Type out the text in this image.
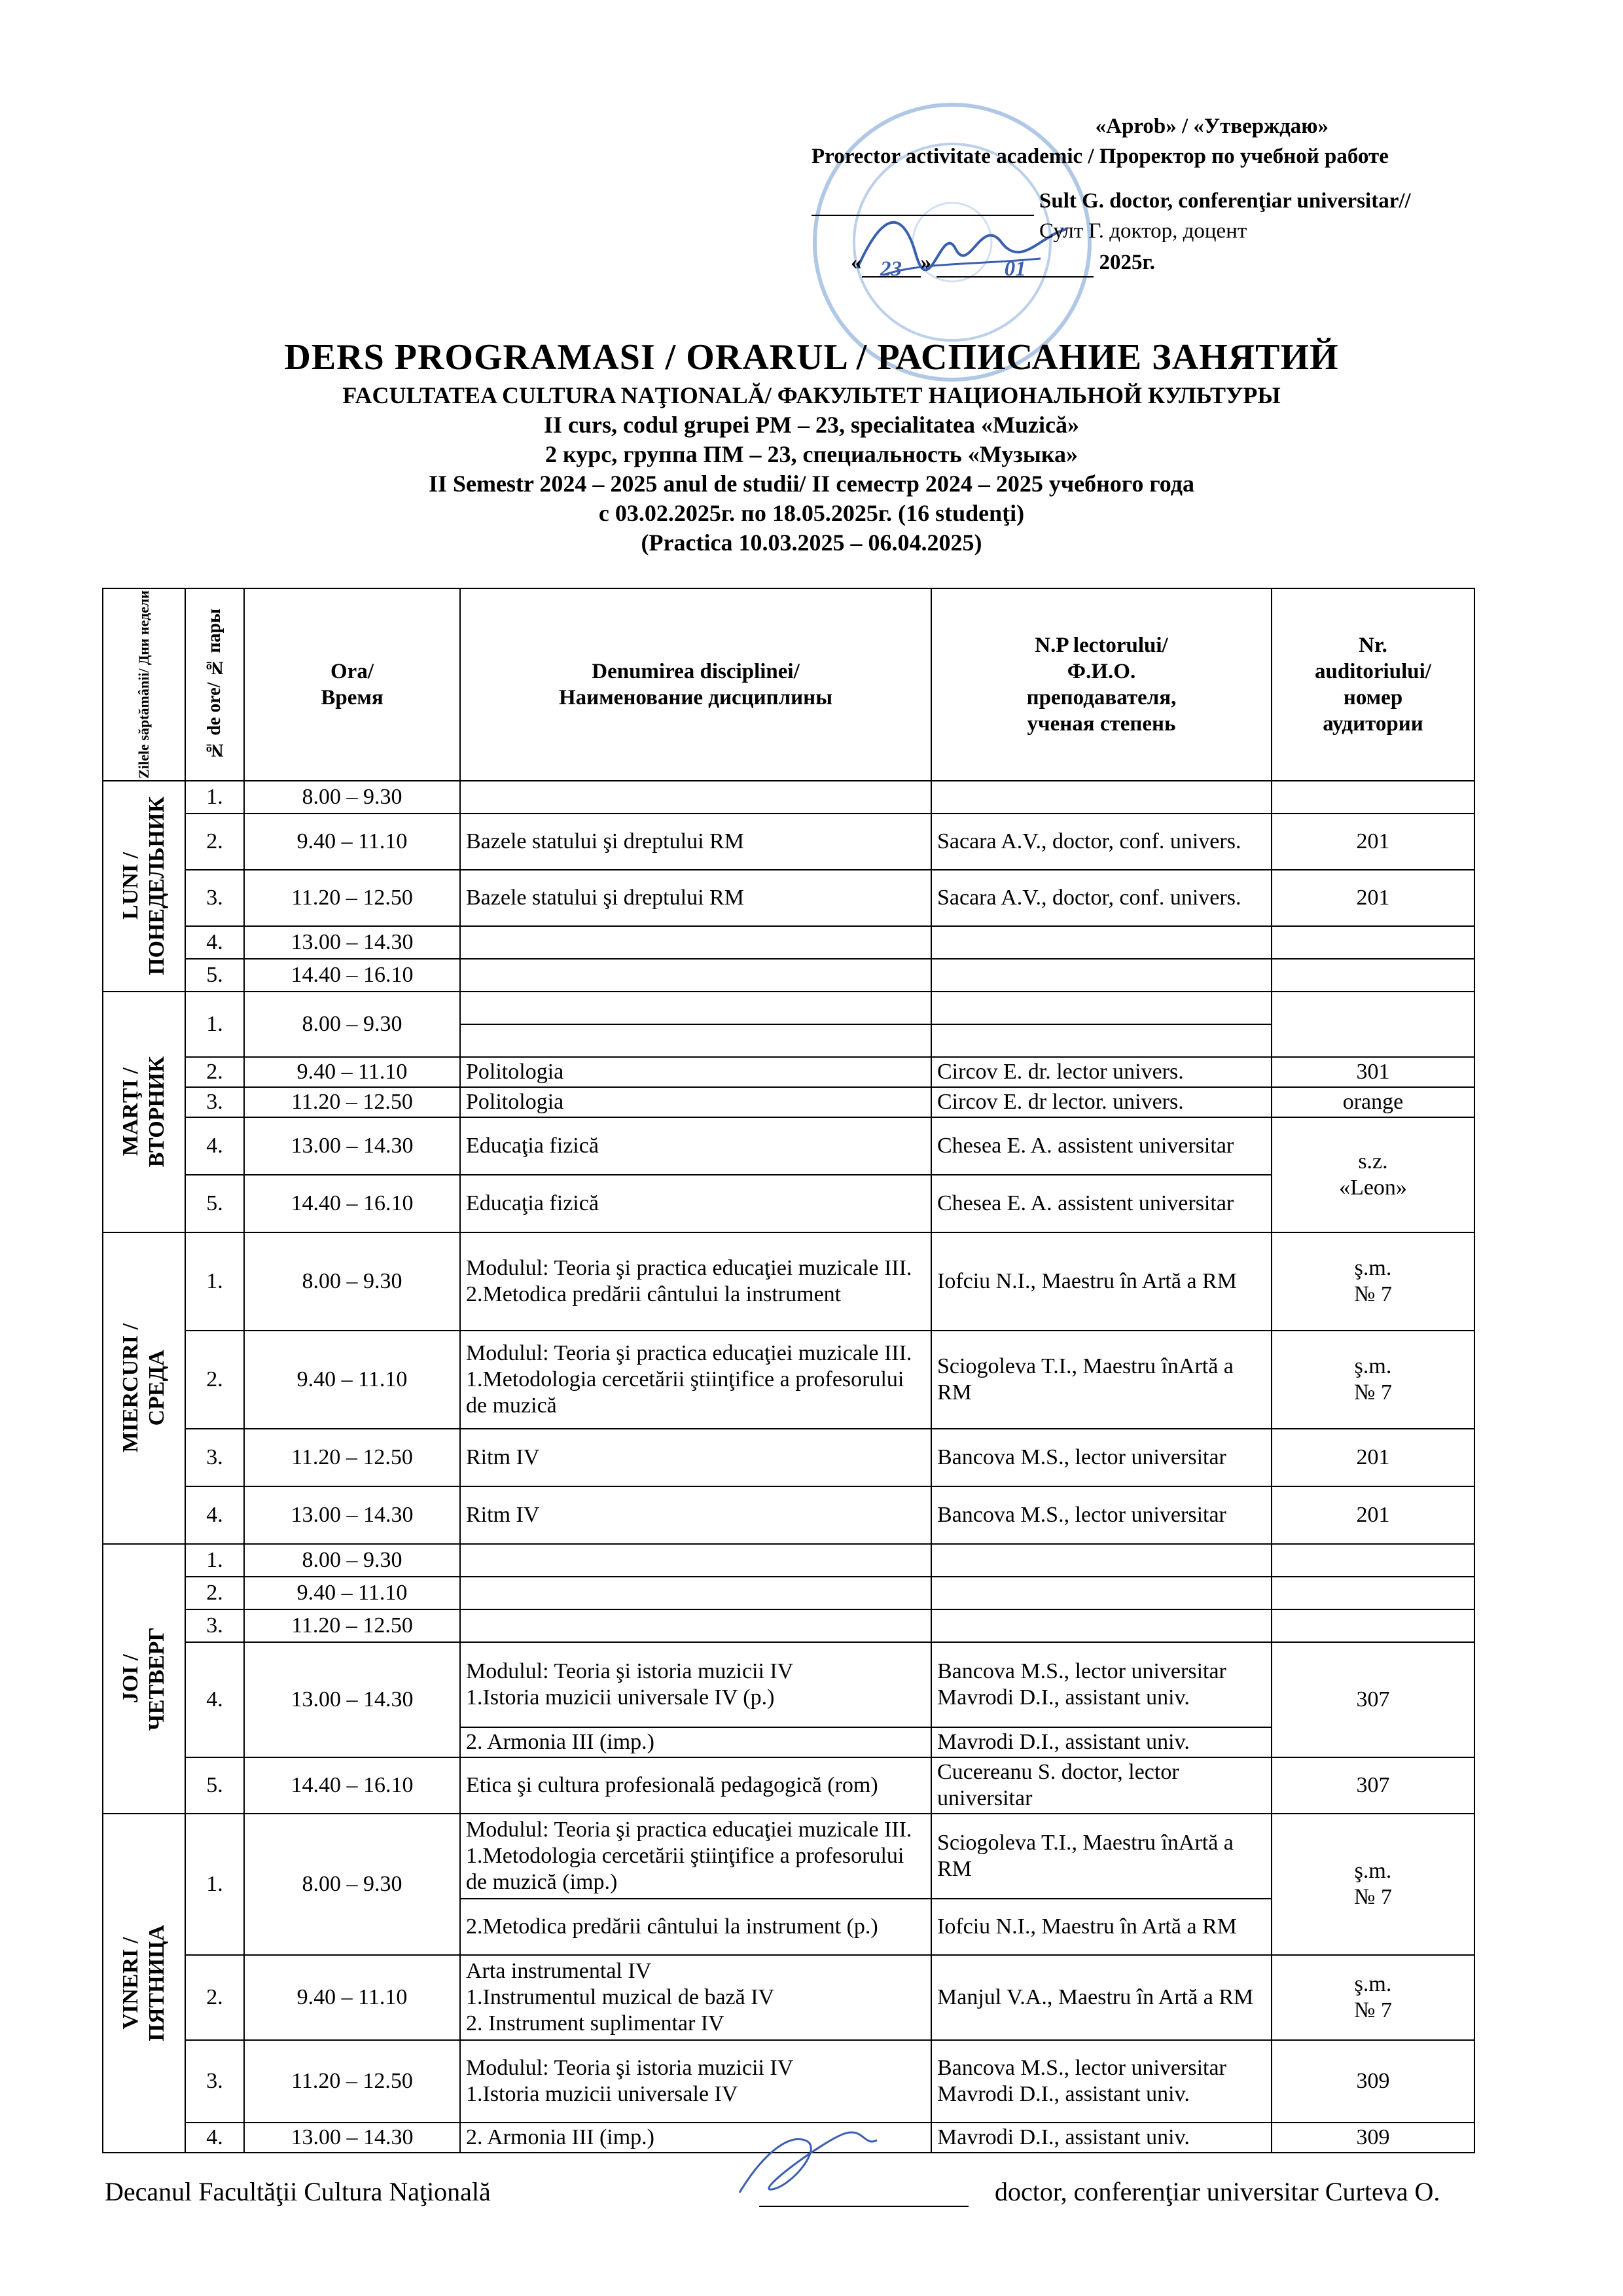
«Aprob» / «Утверждаю»
Prorector activitate academic / Проректор по учебной работе
Sult G. doctor, conferenţiar universitar//
Султ Г. доктор, доцент
« 23 »	01	2025г.
DERS PROGRAMASI / ORARUL / РАСПИСАНИЕ ЗАНЯТИЙ
FACULTATEA CULTURA NAŢIONALĂ/ ФАКУЛЬТЕТ НАЦИОНАЛЬНОЙ КУЛЬТУРЫ
II curs, codul grupei PM – 23, specialitatea «Muzică»
2 курс, группа ПМ – 23, специальность «Музыка»
II Semestr 2024 – 2025 anul de studii/ II семестр 2024 – 2025 учебного года
c 03.02.2025г. по 18.05.2025г. (16 studenţi)
(Practica 10.03.2025 – 06.04.2025)
Zilele săptămânii/ Дни недели	№ de ore/ № пары	Ora/
Время	Denumirea disciplinei/
Наименование дисциплины	N.P lectorului/
Ф.И.О.
преподавателя,
ученая степень	Nr.
auditoriului/
номер
аудитории

LUNI /
ПОНЕДЕЛЬНИК	1.	8.00 – 9.30			
	2.	9.40 – 11.10	Bazele statului şi dreptului RM	Sacara A.V., doctor, conf. univers.	201
	3.	11.20 – 12.50	Bazele statului şi dreptului RM	Sacara A.V., doctor, conf. univers.	201
	4.	13.00 – 14.30			
	5.	14.40 – 16.10			

MARŢI /
ВТОРНИК	1.	8.00 – 9.30	

	2.	9.40 – 11.10	Politologia	Circov E. dr. lector univers.	301
	3.	11.20 – 12.50	Politologia	Circov E. dr lector. univers.	orange
	4.	13.00 – 14.30	Educaţia fizică	Chesea E. A. assistent universitar	s.z.
«Leon»
	5.	14.40 – 16.10	Educaţia fizică	Chesea E. A. assistent universitar	

MIERCURI /
СРЕДА	1.	8.00 – 9.30	Modulul: Teoria şi practica educaţiei muzicale III. 2.Metodica predării cântului la instrument	Iofciu N.I., Maestru în Artă a RM	ş.m.
№ 7
	2.	9.40 – 11.10	Modulul: Teoria şi practica educaţiei muzicale III. 1.Metodologia cercetării ştiinţifice a profesorului de muzică	Sciogoleva T.I., Maestru înArtă a RM	ş.m.
№ 7
	3.	11.20 – 12.50	Ritm IV	Bancova M.S., lector universitar	201
	4.	13.00 – 14.30	Ritm IV	Bancova M.S., lector universitar	201

JOI /
ЧЕТВЕРГ	1.	8.00 – 9.30			
	2.	9.40 – 11.10			
	3.	11.20 – 12.50			
	4.	13.00 – 14.30	Modulul: Teoria şi istoria muzicii IV
1.Istoria muzicii universale IV (p.)	Bancova M.S., lector universitar Mavrodi D.I., assistant univ.	307
			2. Armonia III (imp.)	Mavrodi D.I., assistant univ.	
	5.	14.40 – 16.10	Etica şi cultura profesională pedagogică (rom)	Cucereanu S. doctor, lector universitar	307

VINERI /
ПЯТНИЦА	1.	8.00 – 9.30	Modulul: Teoria şi practica educaţiei muzicale III. 1.Metodologia cercetării ştiinţifice a profesorului de muzică (imp.)	Sciogoleva T.I., Maestru înArtă a RM	ş.m.
№ 7
			2.Metodica predării cântului la instrument (p.)	Iofciu N.I., Maestru în Artă a RM	
	2.	9.40 – 11.10	Arta instrumental IV
1.Instrumentul muzical de bază IV
2. Instrument suplimentar IV	Manjul V.A., Maestru în Artă a RM	ş.m.
№ 7
	3.	11.20 – 12.50	Modulul: Teoria şi istoria muzicii IV
1.Istoria muzicii universale IV	Bancova M.S., lector universitar Mavrodi D.I., assistant univ.	309
	4.	13.00 – 14.30	2. Armonia III (imp.)	Mavrodi D.I., assistant univ.	309
Decanul Facultăţii Cultura Naţională	doctor, conferenţiar universitar Curteva O.
